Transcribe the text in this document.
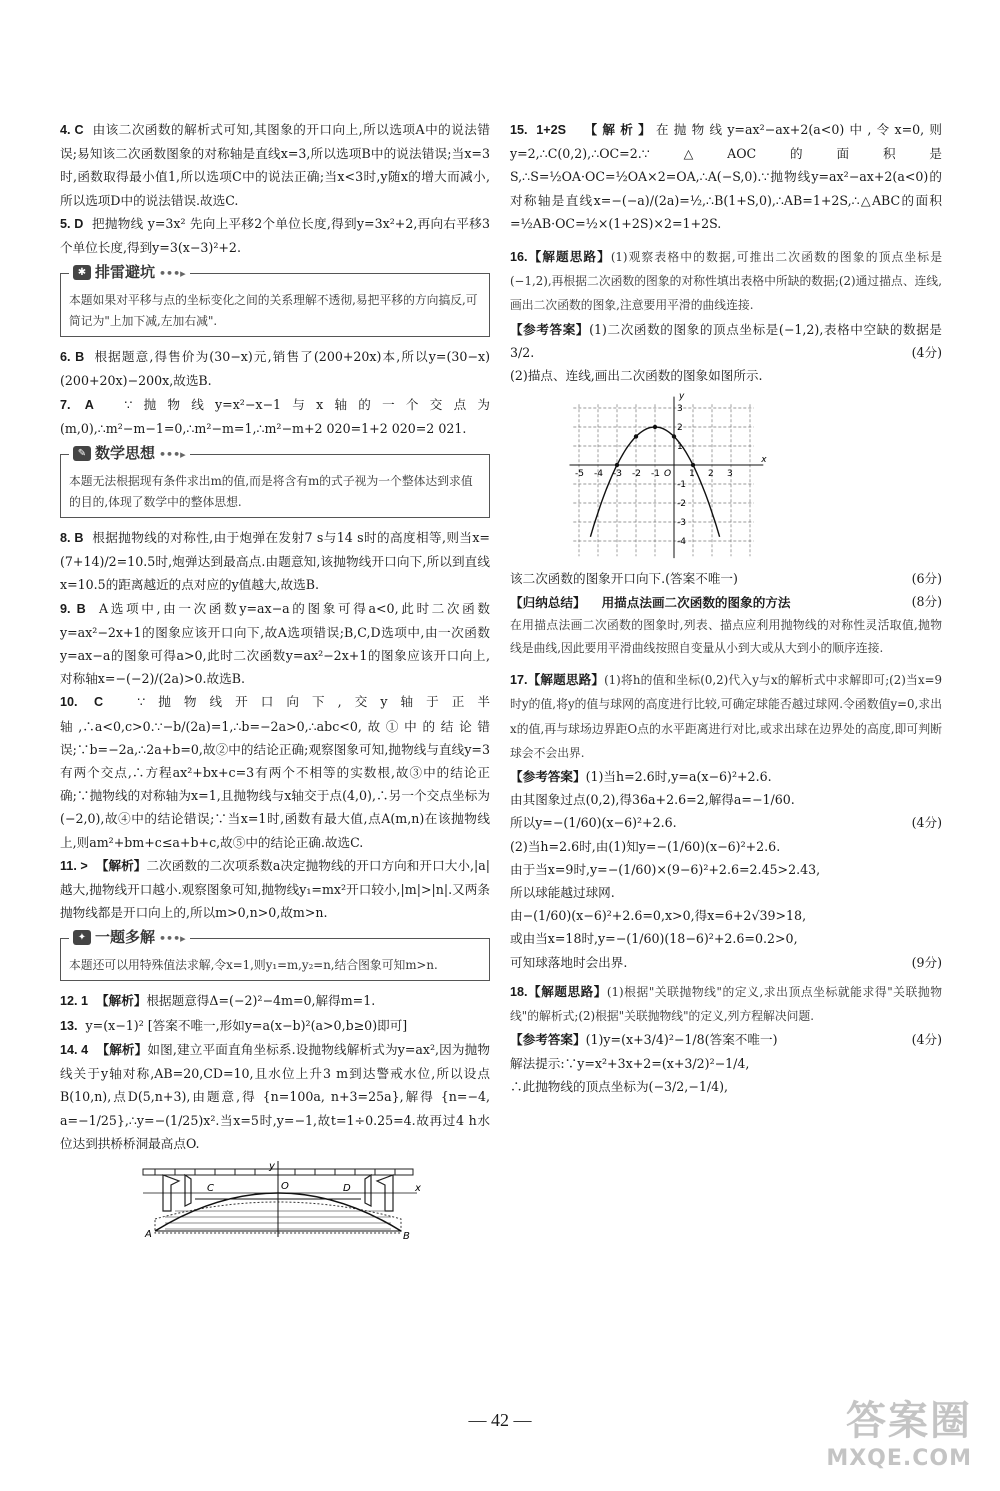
4. C 由该二次函数的解析式可知,其图象的开口向上,所以选项A中的说法错误;易知该二次函数图象的对称轴是直线x=3,所以选项B中的说法错误;当x=3时,函数取得最小值1,所以选项C中的说法正确;当x<3时,y随x的增大而减小,所以选项D中的说法错误.故选C.

5. D 把抛物线 y=3x² 先向上平移2个单位长度,得到y=3x²+2,再向右平移3个单位长度,得到y=3(x−3)²+2.

✱ 排雷避坑 •••▸
本题如果对平移与点的坐标变化之间的关系理解不透彻,易把平移的方向搞反,可简记为"上加下减,左加右减".

6. B 根据题意,得售价为(30−x)元,销售了(200+20x)本,所以y=(30−x)(200+20x)−200x,故选B.

7. A ∵抛物线y=x²−x−1与x轴的一个交点为(m,0),∴m²−m−1=0,∴m²−m=1,∴m²−m+2 020=1+2 020=2 021.

✎ 数学思想 •••▸
本题无法根据现有条件求出m的值,而是将含有m的式子视为一个整体达到求值的目的,体现了数学中的整体思想.

8. B 根据抛物线的对称性,由于炮弹在发射7 s与14 s时的高度相等,则当x=(7+14)/2=10.5时,炮弹达到最高点.由题意知,该抛物线开口向下,所以到直线x=10.5的距离越近的点对应的y值越大,故选B.

9. B A选项中,由一次函数y=ax−a的图象可得a<0,此时二次函数y=ax²−2x+1的图象应该开口向下,故A选项错误;B,C,D选项中,由一次函数y=ax−a的图象可得a>0,此时二次函数y=ax²−2x+1的图象应该开口向上,对称轴x=−(−2)/(2a)>0.故选B.

10. C	∵抛物线开口向下,交y轴于正半轴,∴a<0,c>0.∵−b/(2a)=1,∴b=−2a>0,∴abc<0,故①中的结论错误;∵b=−2a,∴2a+b=0,故②中的结论正确;观察图象可知,抛物线与直线y=3有两个交点,∴方程ax²+bx+c=3有两个不相等的实数根,故③中的结论正确;∵抛物线的对称轴为x=1,且抛物线与x轴交于点(4,0),∴另一个交点坐标为(−2,0),故④中的结论错误;∵当x=1时,函数有最大值,点A(m,n)在该抛物线上,则am²+bm+c≤a+b+c,故⑤中的结论正确.故选C.

11. > 【解析】二次函数的二次项系数a决定抛物线的开口方向和开口大小,|a|越大,抛物线开口越小.观察图象可知,抛物线y₁=mx²开口较小,|m|>|n|.又两条抛物线都是开口向上的,所以m>0,n>0,故m>n.

✦ 一题多解 •••▸
本题还可以用特殊值法求解,令x=1,则y₁=m,y₂=n,结合图象可知m>n.

12. 1 【解析】根据题意得Δ=(−2)²−4m=0,解得m=1.

13. y=(x−1)² [答案不唯一,形如y=a(x−b)²(a>0,b≥0)即可]

14. 4 【解析】如图,建立平面直角坐标系.设抛物线解析式为y=ax²,因为抛物线关于y轴对称,AB=20,CD=10,且水位上升3 m到达警戒水位,所以设点B(10,n),点D(5,n+3),由题意,得 {n=100a, n+3=25a},解得 {n=−4, a=−1/25},∴y=−(1/25)x².当x=5时,y=−1,故t=1÷0.25=4.故再过4 h水位达到拱桥桥洞最高点O.

y
x
O
C	D
A	B

15. 1+2S 【解析】在抛物线y=ax²−ax+2(a<0)中,令x=0,则y=2,∴C(0,2),∴OC=2.∵△AOC的面积是S,∴S=½OA·OC=½OA×2=OA,∴A(−S,0).∵抛物线y=ax²−ax+2(a<0)的对称轴是直线x=−(−a)/(2a)=½,∴B(1+S,0),∴AB=1+2S,∴△ABC的面积=½AB·OC=½×(1+2S)×2=1+2S.

16.【解题思路】(1)观察表格中的数据,可推出二次函数的图象的顶点坐标是(−1,2),再根据二次函数的图象的对称性填出表格中所缺的数据;(2)通过描点、连线,画出二次函数的图象,注意要用平滑的曲线连接.

【参考答案】(1)二次函数的图象的顶点坐标是(−1,2),表格中空缺的数据是 3/2.	(4分)

(2)描点、连线,画出二次函数的图象如图所示.

-5 -4 -3 -2 -1	1 2 3
3
2
1
-1
-2
-3
-4
O
x
y

该二次函数的图象开口向下.(答案不唯一)	(6分)

(8分)

【归纳总结】 用描点法画二次函数的图象的方法

在用描点法画二次函数的图象时,列表、描点应利用抛物线的对称性灵活取值,抛物线是曲线,因此要用平滑曲线按照自变量从小到大或从大到小的顺序连接.

17.【解题思路】(1)将h的值和坐标(0,2)代入y与x的解析式中求解即可;(2)当x=9时y的值,将y的值与球网的高度进行比较,可确定球能否越过球网.令函数值y=0,求出x的值,再与球场边界距O点的水平距离进行对比,或求出球在边界处的高度,即可判断球会不会出界.

【参考答案】(1)当h=2.6时,y=a(x−6)²+2.6.

由其图象过点(0,2),得36a+2.6=2,解得a=−1/60.

所以y=−(1/60)(x−6)²+2.6.	(4分)

(2)当h=2.6时,由(1)知y=−(1/60)(x−6)²+2.6.

由于当x=9时,y=−(1/60)×(9−6)²+2.6=2.45>2.43,

所以球能越过球网.

由−(1/60)(x−6)²+2.6=0,x>0,得x=6+2√39>18,

或由当x=18时,y=−(1/60)(18−6)²+2.6=0.2>0,

可知球落地时会出界.	(9分)

18.【解题思路】(1)根据"关联抛物线"的定义,求出顶点坐标就能求得"关联抛物线"的解析式;(2)根据"关联抛物线"的定义,列方程解决问题.

【参考答案】(1)y=(x+3/4)²−1/8(答案不唯一)	(4分)

解法提示:∵y=x²+3x+2=(x+3/2)²−1/4,

∴此抛物线的顶点坐标为(−3/2,−1/4),

— 42 —	答案圈
MXQE.COM
